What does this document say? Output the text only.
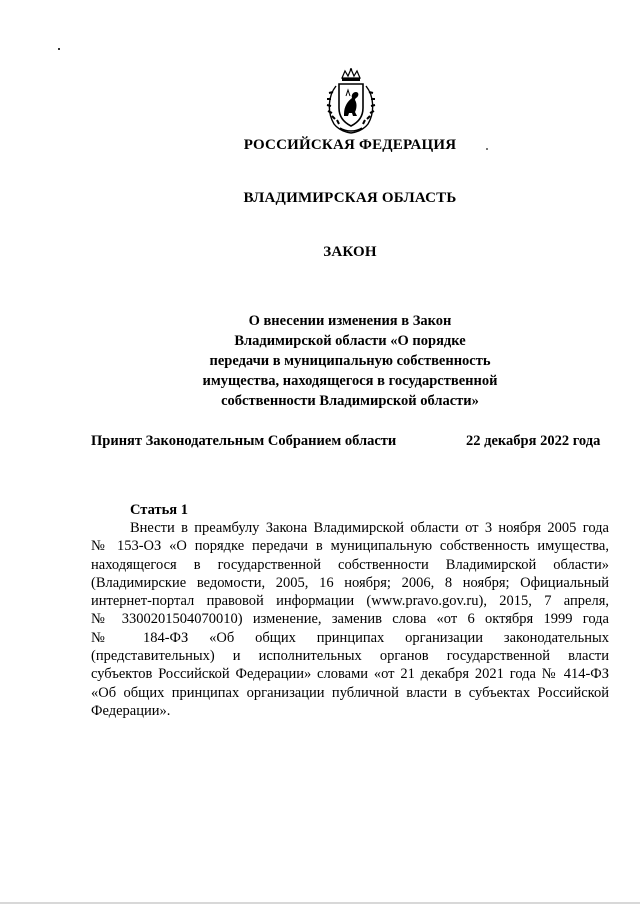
РОССИЙСКАЯ ФЕДЕРАЦИЯ
ВЛАДИМИРСКАЯ ОБЛАСТЬ
ЗАКОН
О внесении изменения в Закон
Владимирской области «О порядке
передачи в муниципальную собственность
имущества, находящегося в государственной
собственности Владимирской области»
Принят Законодательным Собранием области	22 декабря 2022 года
Статья 1
Внести в преамбулу Закона Владимирской области от 3 ноября 2005 года
№ 153-ОЗ «О порядке передачи в муниципальную собственность имущества,
находящегося в государственной собственности Владимирской области»
(Владимирские ведомости, 2005, 16 ноября; 2006, 8 ноября; Официальный
интернет-портал правовой информации (www.pravo.gov.ru), 2015, 7 апреля,
№ 3300201504070010) изменение, заменив слова «от 6 октября 1999 года
№ 184-ФЗ «Об общих принципах организации законодательных
(представительных) и исполнительных органов государственной власти
субъектов Российской Федерации» словами «от 21 декабря 2021 года № 414-ФЗ
«Об общих принципах организации публичной власти в субъектах Российской
Федерации».
